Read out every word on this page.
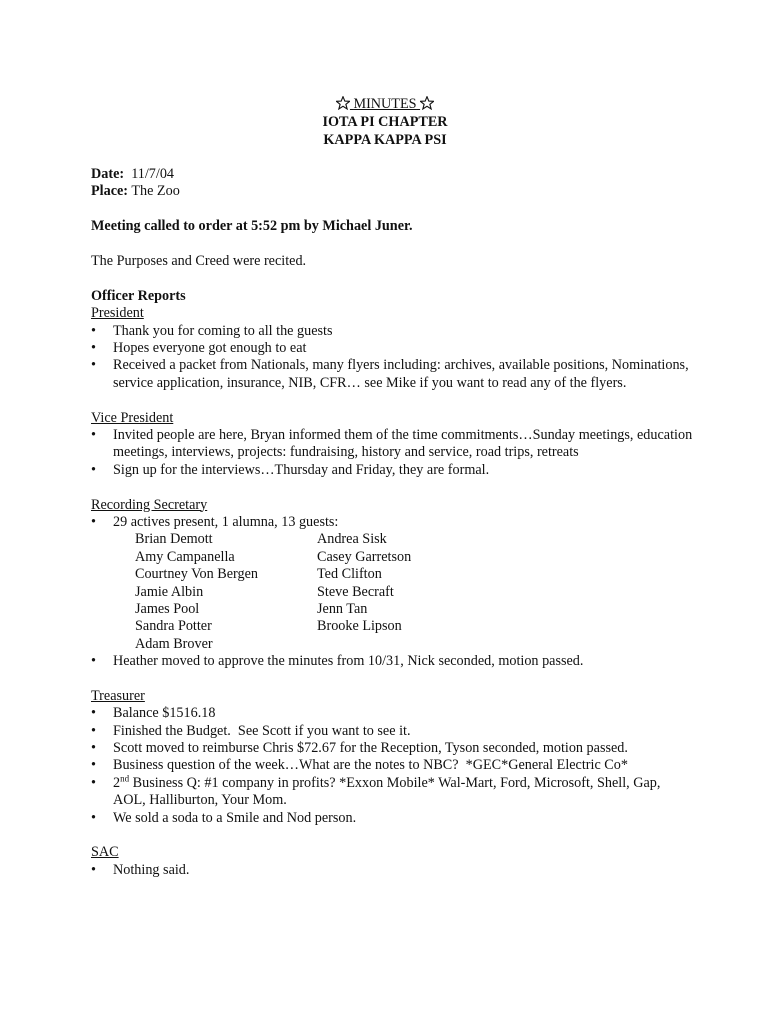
MINUTES
IOTA PI CHAPTER
KAPPA KAPPA PSI
Date: 11/7/04
Place: The Zoo
Meeting called to order at 5:52 pm by Michael Juner.
The Purposes and Creed were recited.
Officer Reports
President
•	Thank you for coming to all the guests
•	Hopes everyone got enough to eat
•	Received a packet from Nationals, many flyers including: archives, available positions, Nominations, service application, insurance, NIB, CFR… see Mike if you want to read any of the flyers.
Vice President
•	Invited people are here, Bryan informed them of the time commitments…Sunday meetings, education meetings, interviews, projects: fundraising, history and service, road trips, retreats
•	Sign up for the interviews…Thursday and Friday, they are formal.
Recording Secretary
•	29 actives present, 1 alumna, 13 guests:
Brian Demott	Andrea Sisk
Amy Campanella	Casey Garretson
Courtney Von Bergen	Ted Clifton
Jamie Albin	Steve Becraft
James Pool	Jenn Tan
Sandra Potter	Brooke Lipson
Adam Brover
•	Heather moved to approve the minutes from 10/31, Nick seconded, motion passed.
Treasurer
•	Balance $1516.18
•	Finished the Budget.  See Scott if you want to see it.
•	Scott moved to reimburse Chris $72.67 for the Reception, Tyson seconded, motion passed.
•	Business question of the week…What are the notes to NBC?  *GEC*General Electric Co*
•	2nd Business Q: #1 company in profits? *Exxon Mobile* Wal-Mart, Ford, Microsoft, Shell, Gap, AOL, Halliburton, Your Mom.
•	We sold a soda to a Smile and Nod person.
SAC
•	Nothing said.
